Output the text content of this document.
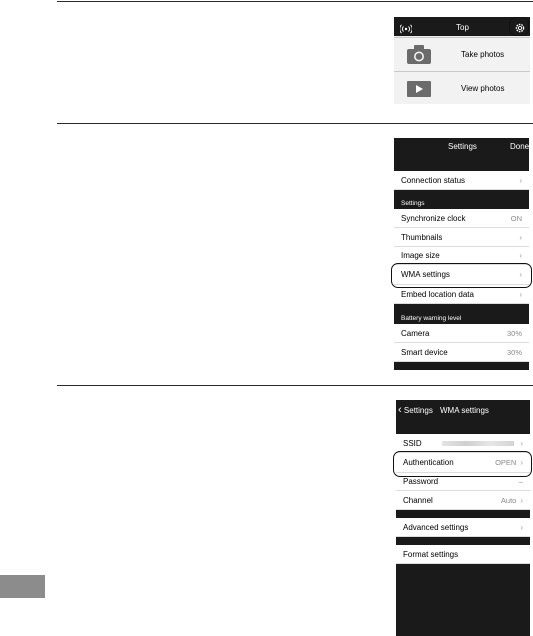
Top
Take photos
View photos
Settings	Done
Connection status	›
Settings
Synchronize clock	ON
Thumbnails	›
Image size	›
WMA settings	›
Embed location data	›
Battery warning level
Camera	30%
Smart device	30%
‹ Settings WMA settings
SSID	›
Authentication	OPEN ›
Password	–
Channel	Auto ›
Advanced settings	›
Format settings
